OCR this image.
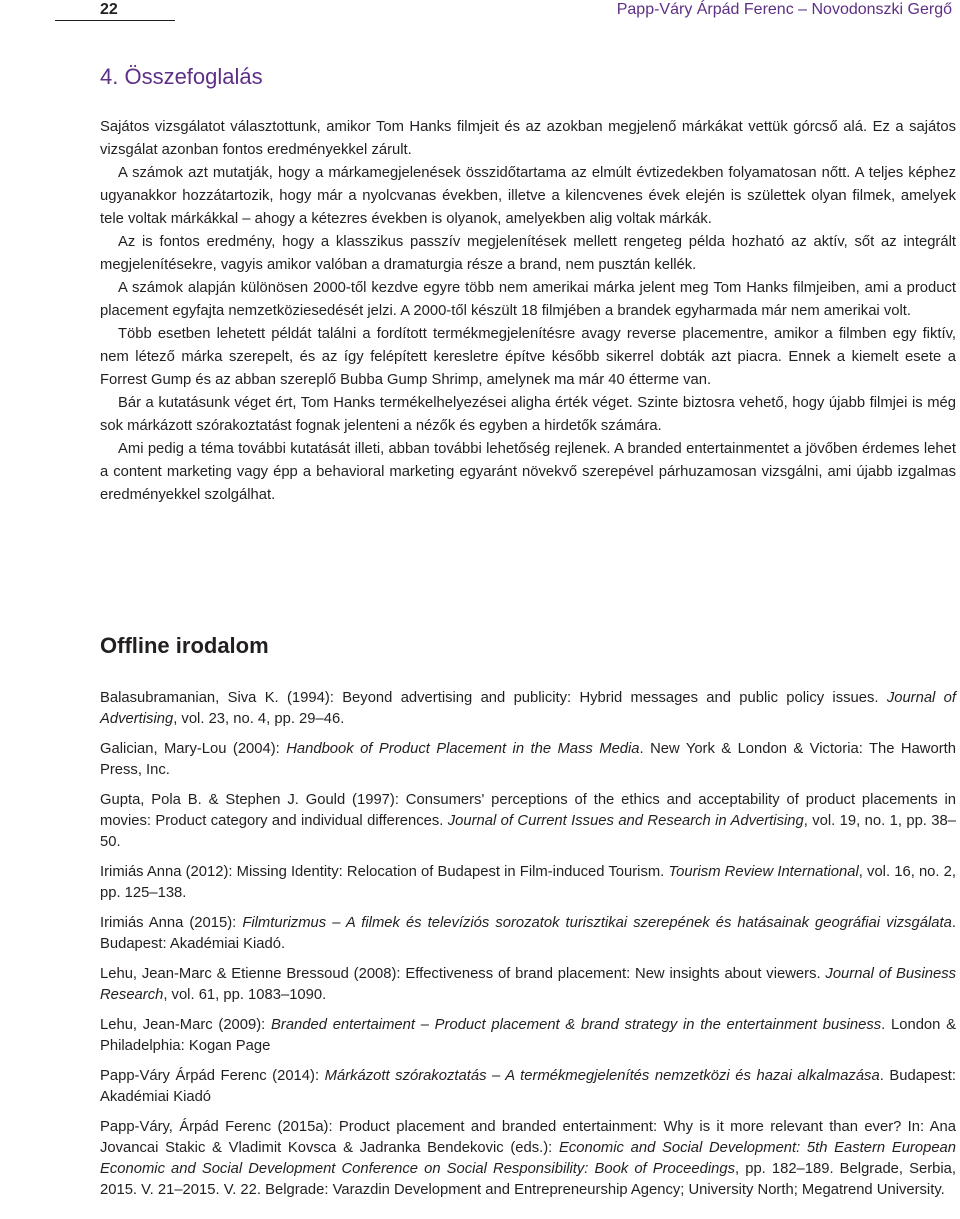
22	Papp-Váry Árpád Ferenc – Novodonszki Gergő
4. Összefoglalás

Sajátos vizsgálatot választottunk, amikor Tom Hanks filmjeit és az azokban megjelenő márkákat vettük górcső alá. Ez a sajátos vizsgálat azonban fontos eredményekkel zárult.

A számok azt mutatják, hogy a márkamegjelenések összidőtartama az elmúlt évtizedekben folyamatosan nőtt. A teljes képhez ugyanakkor hozzátartozik, hogy már a nyolcvanas években, illetve a kilencvenes évek elején is születtek olyan filmek, amelyek tele voltak márkákkal – ahogy a kétezres években is olyanok, amelyekben alig voltak márkák.

Az is fontos eredmény, hogy a klasszikus passzív megjelenítések mellett rengeteg példa hozható az aktív, sőt az integrált megjelenítésekre, vagyis amikor valóban a dramaturgia része a brand, nem pusztán kellék.

A számok alapján különösen 2000-től kezdve egyre több nem amerikai márka jelent meg Tom Hanks filmjeiben, ami a product placement egyfajta nemzetköziesedését jelzi. A 2000-től készült 18 filmjében a brandek egyharmada már nem amerikai volt.

Több esetben lehetett példát találni a fordított termékmegjelenítésre avagy reverse placementre, amikor a filmben egy fiktív, nem létező márka szerepelt, és az így felépített keresletre építve később sikerrel dobták azt piacra. Ennek a kiemelt esete a Forrest Gump és az abban szereplő Bubba Gump Shrimp, amelynek ma már 40 étterme van.

Bár a kutatásunk véget ért, Tom Hanks termékelhelyezései aligha érték véget. Szinte biztosra vehető, hogy újabb filmjei is még sok márkázott szórakoztatást fognak jelenteni a nézők és egyben a hirdetők számára.

Ami pedig a téma további kutatását illeti, abban további lehetőség rejlenek. A branded entertainmentet a jövőben érdemes lehet a content marketing vagy épp a behavioral marketing egyaránt növekvő szerepével párhuzamosan vizsgálni, ami újabb izgalmas eredményekkel szolgálhat.

Offline irodalom

Balasubramanian, Siva K. (1994): Beyond advertising and publicity: Hybrid messages and public policy issues. Journal of Advertising, vol. 23, no. 4, pp. 29–46.

Galician, Mary-Lou (2004): Handbook of Product Placement in the Mass Media. New York & London & Victoria: The Haworth Press, Inc.

Gupta, Pola B. & Stephen J. Gould (1997): Consumers' perceptions of the ethics and acceptability of product placements in movies: Product category and individual differences. Journal of Current Issues and Research in Advertising, vol. 19, no. 1, pp. 38–50.

Irimiás Anna (2012): Missing Identity: Relocation of Budapest in Film-induced Tourism. Tourism Review International, vol. 16, no. 2, pp. 125–138.

Irimiás Anna (2015): Filmturizmus – A filmek és televíziós sorozatok turisztikai szerepének és hatásainak geográfiai vizsgálata. Budapest: Akadémiai Kiadó.

Lehu, Jean-Marc & Etienne Bressoud (2008): Effectiveness of brand placement: New insights about viewers. Journal of Business Research, vol. 61, pp. 1083–1090.

Lehu, Jean-Marc (2009): Branded entertaiment – Product placement & brand strategy in the entertainment business. London & Philadelphia: Kogan Page

Papp-Váry Árpád Ferenc (2014): Márkázott szórakoztatás – A termékmegjelenítés nemzetközi és hazai alkalmazása. Budapest: Akadémiai Kiadó

Papp-Váry, Árpád Ferenc (2015a): Product placement and branded entertainment: Why is it more relevant than ever? In: Ana Jovancai Stakic & Vladimit Kovsca & Jadranka Bendekovic (eds.): Economic and Social Development: 5th Eastern European Economic and Social Development Conference on Social Responsibility: Book of Proceedings, pp. 182–189. Belgrade, Serbia, 2015. V. 21–2015. V. 22. Belgrade: Varazdin Development and Entrepreneurship Agency; University North; Megatrend University.
